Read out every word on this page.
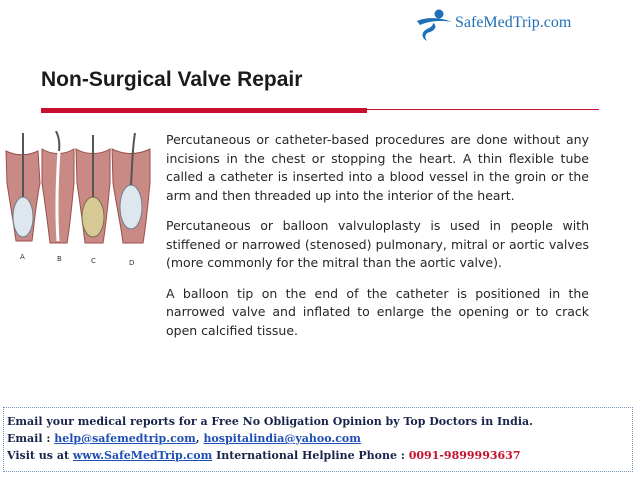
SafeMedTrip.com
Non-Surgical Valve Repair
A	B	C	D

Percutaneous or catheter-based procedures are done without any incisions in the chest or stopping the heart. A thin flexible tube called a catheter is inserted into a blood vessel in the groin or the arm and then threaded up into the interior of the heart.

Percutaneous or balloon valvuloplasty is used in people with stiffened or narrowed (stenosed) pulmonary, mitral or aortic valves (more commonly for the mitral than the aortic valve).

A balloon tip on the end of the catheter is positioned in the narrowed valve and inflated to enlarge the opening or to crack open calcified tissue.

Email your medical reports for a Free No Obligation Opinion by Top Doctors in India.
Email : help@safemedtrip.com, hospitalindia@yahoo.com
Visit us at www.SafeMedTrip.com International Helpline Phone : 0091-9899993637
